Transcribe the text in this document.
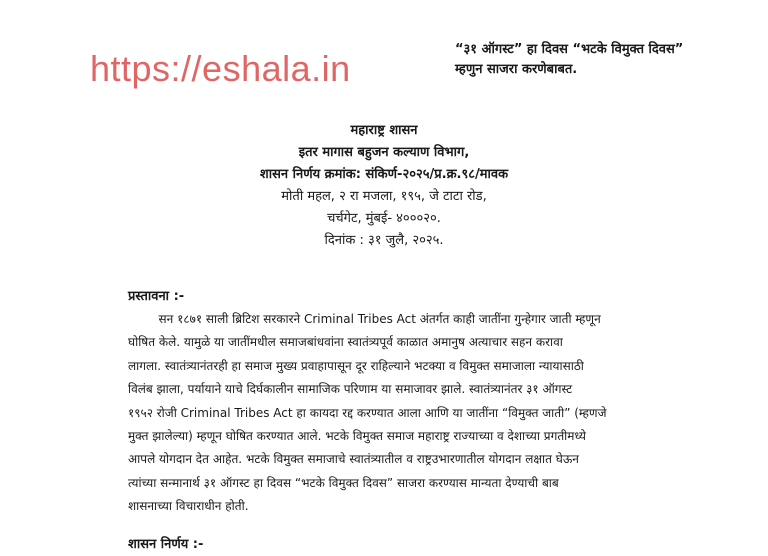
https://eshala.in	“३१ ऑगस्ट” हा दिवस “भटके विमुक्त दिवस”
म्हणुन साजरा करणेबाबत.
महाराष्ट्र शासन
इतर मागास बहुजन कल्याण विभाग,
शासन निर्णय क्रमांक: संकिर्ण-२०२५/प्र.क्र.९८/मावक
मोती महल, २ रा मजला, १९५, जे टाटा रोड,
चर्चगेट, मुंबई- ४०००२०.
दिनांक : ३१ जुलै, २०२५.
प्रस्तावना :-
सन १८७१ साली ब्रिटिश सरकारने Criminal Tribes Act अंतर्गत काही जातींना गुन्हेगार जाती म्हणून
घोषित केले. यामुळे या जातींमधील समाजबांधवांना स्वातंत्र्यपूर्व काळात अमानुष अत्याचार सहन करावा
लागला. स्वातंत्र्यानंतरही हा समाज मुख्य प्रवाहापासून दूर राहिल्याने भटक्या व विमुक्त समाजाला न्यायासाठी
विलंब झाला, पर्यायाने याचे दिर्घकालीन सामाजिक परिणाम या समाजावर झाले. स्वातंत्र्यानंतर ३१ ऑगस्ट
१९५२ रोजी Criminal Tribes Act हा कायदा रद्द करण्यात आला आणि या जातींना “विमुक्त जाती” (म्हणजे
मुक्त झालेल्या) म्हणून घोषित करण्यात आले. भटके विमुक्त समाज महाराष्ट्र राज्याच्या व देशाच्या प्रगतीमध्ये
आपले योगदान देत आहेत. भटके विमुक्त समाजाचे स्वातंत्र्यातील व राष्ट्रउभारणातील योगदान लक्षात घेऊन
त्यांच्या सन्मानार्थ ३१ ऑगस्ट हा दिवस “भटके विमुक्त दिवस” साजरा करण्यास मान्यता देण्याची बाब
शासनाच्या विचाराधीन होती.
शासन निर्णय :-
